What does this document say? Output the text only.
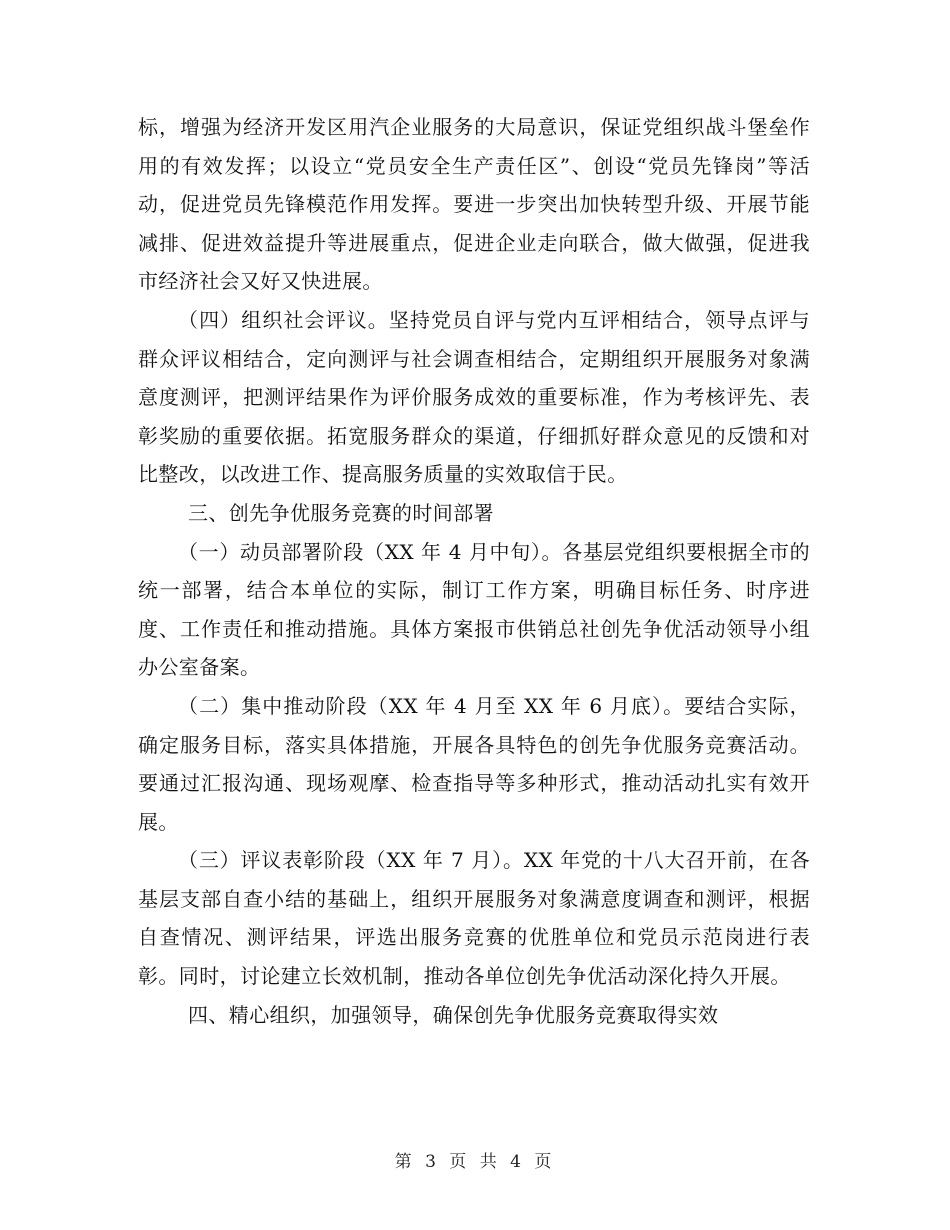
标，增强为经济开发区用汽企业服务的大局意识，保证党组织战斗堡垒作用的有效发挥；以设立“党员安全生产责任区”、创设“党员先锋岗”等活动，促进党员先锋模范作用发挥。要进一步突出加快转型升级、开展节能减排、促进效益提升等进展重点，促进企业走向联合，做大做强，促进我市经济社会又好又快进展。

（四）组织社会评议。坚持党员自评与党内互评相结合，领导点评与群众评议相结合，定向测评与社会调查相结合，定期组织开展服务对象满意度测评，把测评结果作为评价服务成效的重要标准，作为考核评先、表彰奖励的重要依据。拓宽服务群众的渠道，仔细抓好群众意见的反馈和对比整改，以改进工作、提高服务质量的实效取信于民。

三、创先争优服务竞赛的时间部署

（一）动员部署阶段（XX 年 4 月中旬）。各基层党组织要根据全市的统一部署，结合本单位的实际，制订工作方案，明确目标任务、时序进度、工作责任和推动措施。具体方案报市供销总社创先争优活动领导小组办公室备案。

（二）集中推动阶段（XX 年 4 月至 XX 年 6 月底）。要结合实际，确定服务目标，落实具体措施，开展各具特色的创先争优服务竞赛活动。要通过汇报沟通、现场观摩、检查指导等多种形式，推动活动扎实有效开展。

（三）评议表彰阶段（XX 年 7 月）。XX 年党的十八大召开前，在各基层支部自查小结的基础上，组织开展服务对象满意度调查和测评，根据自查情况、测评结果，评选出服务竞赛的优胜单位和党员示范岗进行表彰。同时，讨论建立长效机制，推动各单位创先争优活动深化持久开展。

四、精心组织，加强领导，确保创先争优服务竞赛取得实效

第 3 页 共 4 页
